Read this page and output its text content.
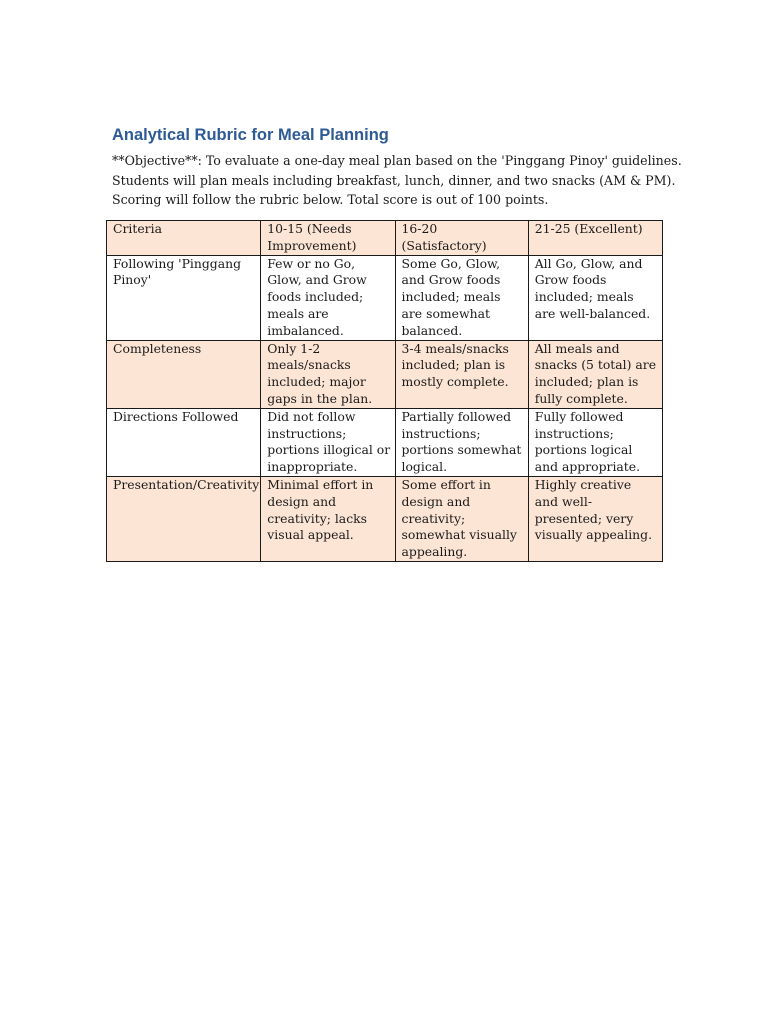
Analytical Rubric for Meal Planning

**Objective**: To evaluate a one-day meal plan based on the 'Pinggang Pinoy' guidelines.

Students will plan meals including breakfast, lunch, dinner, and two snacks (AM & PM).

Scoring will follow the rubric below. Total score is out of 100 points.

Criteria	10-15 (Needs Improvement)	16-20 (Satisfactory)	21-25 (Excellent)
Following 'Pinggang Pinoy'	Few or no Go, Glow, and Grow foods included; meals are imbalanced.	Some Go, Glow, and Grow foods included; meals are somewhat balanced.	All Go, Glow, and Grow foods included; meals are well-balanced.
Completeness	Only 1-2 meals/snacks included; major gaps in the plan.	3-4 meals/snacks included; plan is mostly complete.	All meals and snacks (5 total) are included; plan is fully complete.
Directions Followed	Did not follow instructions; portions illogical or inappropriate.	Partially followed instructions; portions somewhat logical.	Fully followed instructions; portions logical and appropriate.
Presentation/Creativity	Minimal effort in design and creativity; lacks visual appeal.	Some effort in design and creativity; somewhat visually appealing.	Highly creative and well-presented; very visually appealing.
